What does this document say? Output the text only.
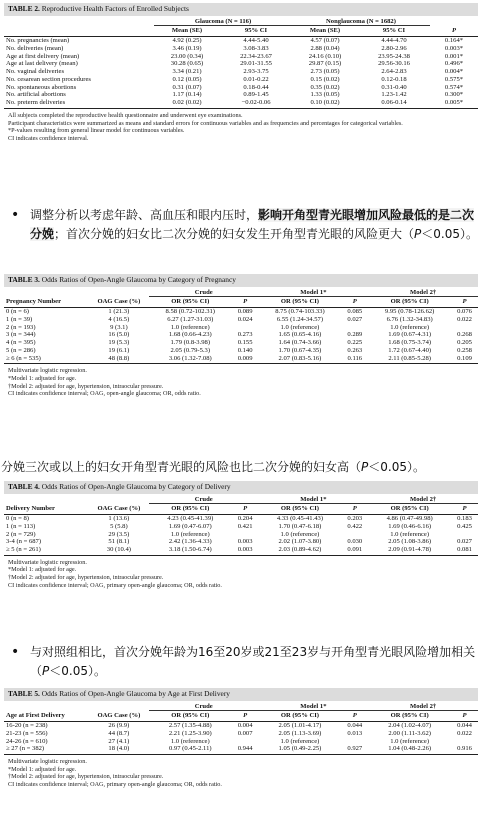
TABLE 2. Reproductive Health Factors of Enrolled Subjects
	Glaucoma (N = 116)		Nonglaucoma (N = 1682)		
	Mean (SE)	95% CI	Mean (SE)	95% CI	P
No. pregnancies (mean)	4.92 (0.25)	4.44-5.40	4.57 (0.07)	4.44-4.70	0.164*
No. deliveries (mean)	3.46 (0.19)	3.08-3.83	2.88 (0.04)	2.80-2.96	0.003*
Age at first delivery (mean)	23.00 (0.34)	22.34-23.67	24.16 (0.10)	23.95-24.38	0.001*
Age at last delivery (mean)	30.28 (0.65)	29.01-31.55	29.87 (0.15)	29.56-30.16	0.496*
No. vaginal deliveries	3.34 (0.21)	2.93-3.75	2.73 (0.05)	2.64-2.83	0.004*
No. cesarean section procedures	0.12 (0.05)	0.01-0.22	0.15 (0.02)	0.12-0.18	0.575*
No. spontaneous abortions	0.31 (0.07)	0.18-0.44	0.35 (0.02)	0.31-0.40	0.574*
No. artificial abortions	1.17 (0.14)	0.89-1.45	1.33 (0.05)	1.23-1.42	0.300*
No. preterm deliveries	0.02 (0.02)	−0.02-0.06	0.10 (0.02)	0.06-0.14	0.005*
All subjects completed the reproductive health questionnaire and underwent eye examinations.
Participant characteristics were summarized as means and standard errors for continuous variables and as frequencies and percentages for categorical variables.
*P-values resulting from general linear model for continuous variables.
CI indicates confidence interval.
• 调整分析以考虑年龄、高血压和眼内压时，影响开角型青光眼增加风险最低的是二次分娩；首次分娩的妇女比二次分娩的妇女发生开角型青光眼的风险更大（P＜0.05）。
TABLE 3. Odds Ratios of Open-Angle Glaucoma by Category of Pregnancy
		Crude		Model 1*		Model 2†	
Pregnancy Number	OAG Case (%)	OR (95% CI)	P	OR (95% CI)	P	OR (95% CI)	P
0 (n = 6)	1 (21.3)	8.58 (0.72-102.31)	0.089	8.75 (0.74-103.33)	0.085	9.95 (0.78-126.62)	0.076
1 (n = 39)	4 (16.5)	6.27 (1.27-31.03)	0.024	6.55 (1.24-34.57)	0.027	6.76 (1.32-34.83)	0.022
2 (n = 193)	9 (3.1)	1.0 (reference)		1.0 (reference)		1.0 (reference)	
3 (n = 344)	16 (5.0)	1.68 (0.66-4.23)	0.273	1.65 (0.65-4.16)	0.289	1.69 (0.67-4.31)	0.268
4 (n = 395)	19 (5.3)	1.79 (0.8-3.98)	0.155	1.64 (0.74-3.66)	0.225	1.68 (0.75-3.74)	0.205
5 (n = 286)	19 (6.1)	2.05 (0.79-5.3)	0.140	1.70 (0.67-4.35)	0.263	1.72 (0.67-4.40)	0.258
≥ 6 (n = 535)	48 (8.8)	3.06 (1.32-7.08)	0.009	2.07 (0.83-5.16)	0.116	2.11 (0.85-5.28)	0.109
Multivariate logistic regression.
*Model 1: adjusted for age.
†Model 2: adjusted for age, hypertension, intraocular pressure.
CI indicates confidence interval; OAG, open-angle glaucoma; OR, odds ratio.
分娩三次或以上的妇女开角型青光眼的风险也比二次分娩的妇女高（P＜0.05）。
TABLE 4. Odds Ratios of Open-Angle Glaucoma by Category of Delivery
		Crude		Model 1*		Model 2†	
Delivery Number	OAG Case (%)	OR (95% CI)	P	OR (95% CI)	P	OR (95% CI)	P
0 (n = 8)	1 (13.6)	4.23 (0.45-41.39)	0.204	4.33 (0.45-41.43)	0.203	4.86 (0.47-49.98)	0.183
1 (n = 113)	5 (5.8)	1.69 (0.47-6.07)	0.421	1.70 (0.47-6.18)	0.422	1.69 (0.46-6.16)	0.425
2 (n = 729)	29 (3.5)	1.0 (reference)		1.0 (reference)		1.0 (reference)	
3-4 (n = 687)	51 (8.1)	2.42 (1.36-4.33)	0.003	2.02 (1.07-3.80)	0.030	2.05 (1.08-3.86)	0.027
≥ 5 (n = 261)	30 (10.4)	3.18 (1.50-6.74)	0.003	2.03 (0.89-4.62)	0.091	2.09 (0.91-4.78)	0.081
Multivariate logistic regression.
*Model 1: adjusted for age.
†Model 2: adjusted for age, hypertension, intraocular pressure.
CI indicates confidence interval; OAG, primary open-angle glaucoma; OR, odds ratio.
• 与对照组相比，首次分娩年龄为16至20岁或21至23岁与开角型青光眼风险增加相关（P＜0.05）。
TABLE 5. Odds Ratios of Open-Angle Glaucoma by Age at First Delivery
		Crude		Model 1*		Model 2†	
Age at First Delivery	OAG Case (%)	OR (95% CI)	P	OR (95% CI)	P	OR (95% CI)	P
16-20 (n = 238)	26 (9.9)	2.57 (1.35-4.88)	0.004	2.05 (1.01-4.17)	0.044	2.04 (1.02-4.07)	0.044
21-23 (n = 556)	44 (8.7)	2.21 (1.25-3.90)	0.007	2.05 (1.13-3.69)	0.013	2.00 (1.11-3.62)	0.022
24-26 (n = 610)	27 (4.1)	1.0 (reference)		1.0 (reference)		1.0 (reference)	
≥ 27 (n = 382)	18 (4.0)	0.97 (0.45-2.11)	0.944	1.05 (0.49-2.25)	0.927	1.04 (0.48-2.26)	0.916
Multivariate logistic regression.
*Model 1: adjusted for age.
†Model 2: adjusted for age, hypertension, intraocular pressure.
CI indicates confidence interval; OAG, primary open-angle glaucoma; OR, odds ratio.
